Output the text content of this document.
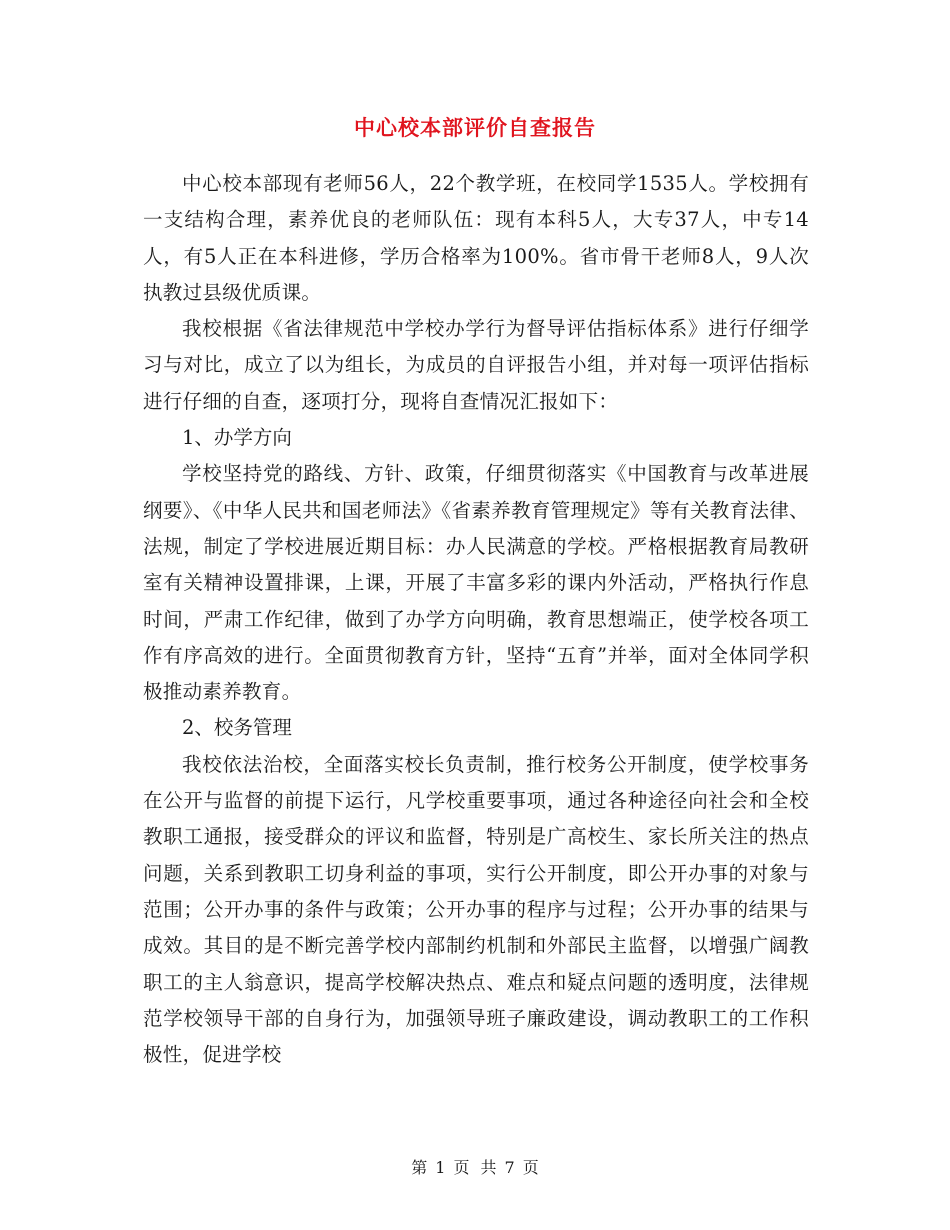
中心校本部评价自查报告

中心校本部现有老师56人，22个教学班，在校同学1535人。学校拥有一支结构合理，素养优良的老师队伍：现有本科5人，大专37人，中专14人，有5人正在本科进修，学历合格率为100%。省市骨干老师8人，9人次执教过县级优质课。

我校根据《省法律规范中学校办学行为督导评估指标体系》进行仔细学习与对比，成立了以为组长，为成员的自评报告小组，并对每一项评估指标进行仔细的自查，逐项打分，现将自查情况汇报如下：

1、办学方向

学校坚持党的路线、方针、政策，仔细贯彻落实《中国教育与改革进展纲要》、《中华人民共和国老师法》《省素养教育管理规定》等有关教育法律、法规，制定了学校进展近期目标：办人民满意的学校。严格根据教育局教研室有关精神设置排课，上课，开展了丰富多彩的课内外活动，严格执行作息时间，严肃工作纪律，做到了办学方向明确，教育思想端正，使学校各项工作有序高效的进行。全面贯彻教育方针，坚持“五育”并举，面对全体同学积极推动素养教育。

2、校务管理

我校依法治校，全面落实校长负责制，推行校务公开制度，使学校事务在公开与监督的前提下运行，凡学校重要事项，通过各种途径向社会和全校教职工通报，接受群众的评议和监督，特别是广高校生、家长所关注的热点问题，关系到教职工切身利益的事项，实行公开制度，即公开办事的对象与范围；公开办事的条件与政策；公开办事的程序与过程；公开办事的结果与成效。其目的是不断完善学校内部制约机制和外部民主监督，以增强广阔教职工的主人翁意识，提高学校解决热点、难点和疑点问题的透明度，法律规范学校领导干部的自身行为，加强领导班子廉政建设，调动教职工的工作积极性，促进学校

第 1 页 共 7 页
